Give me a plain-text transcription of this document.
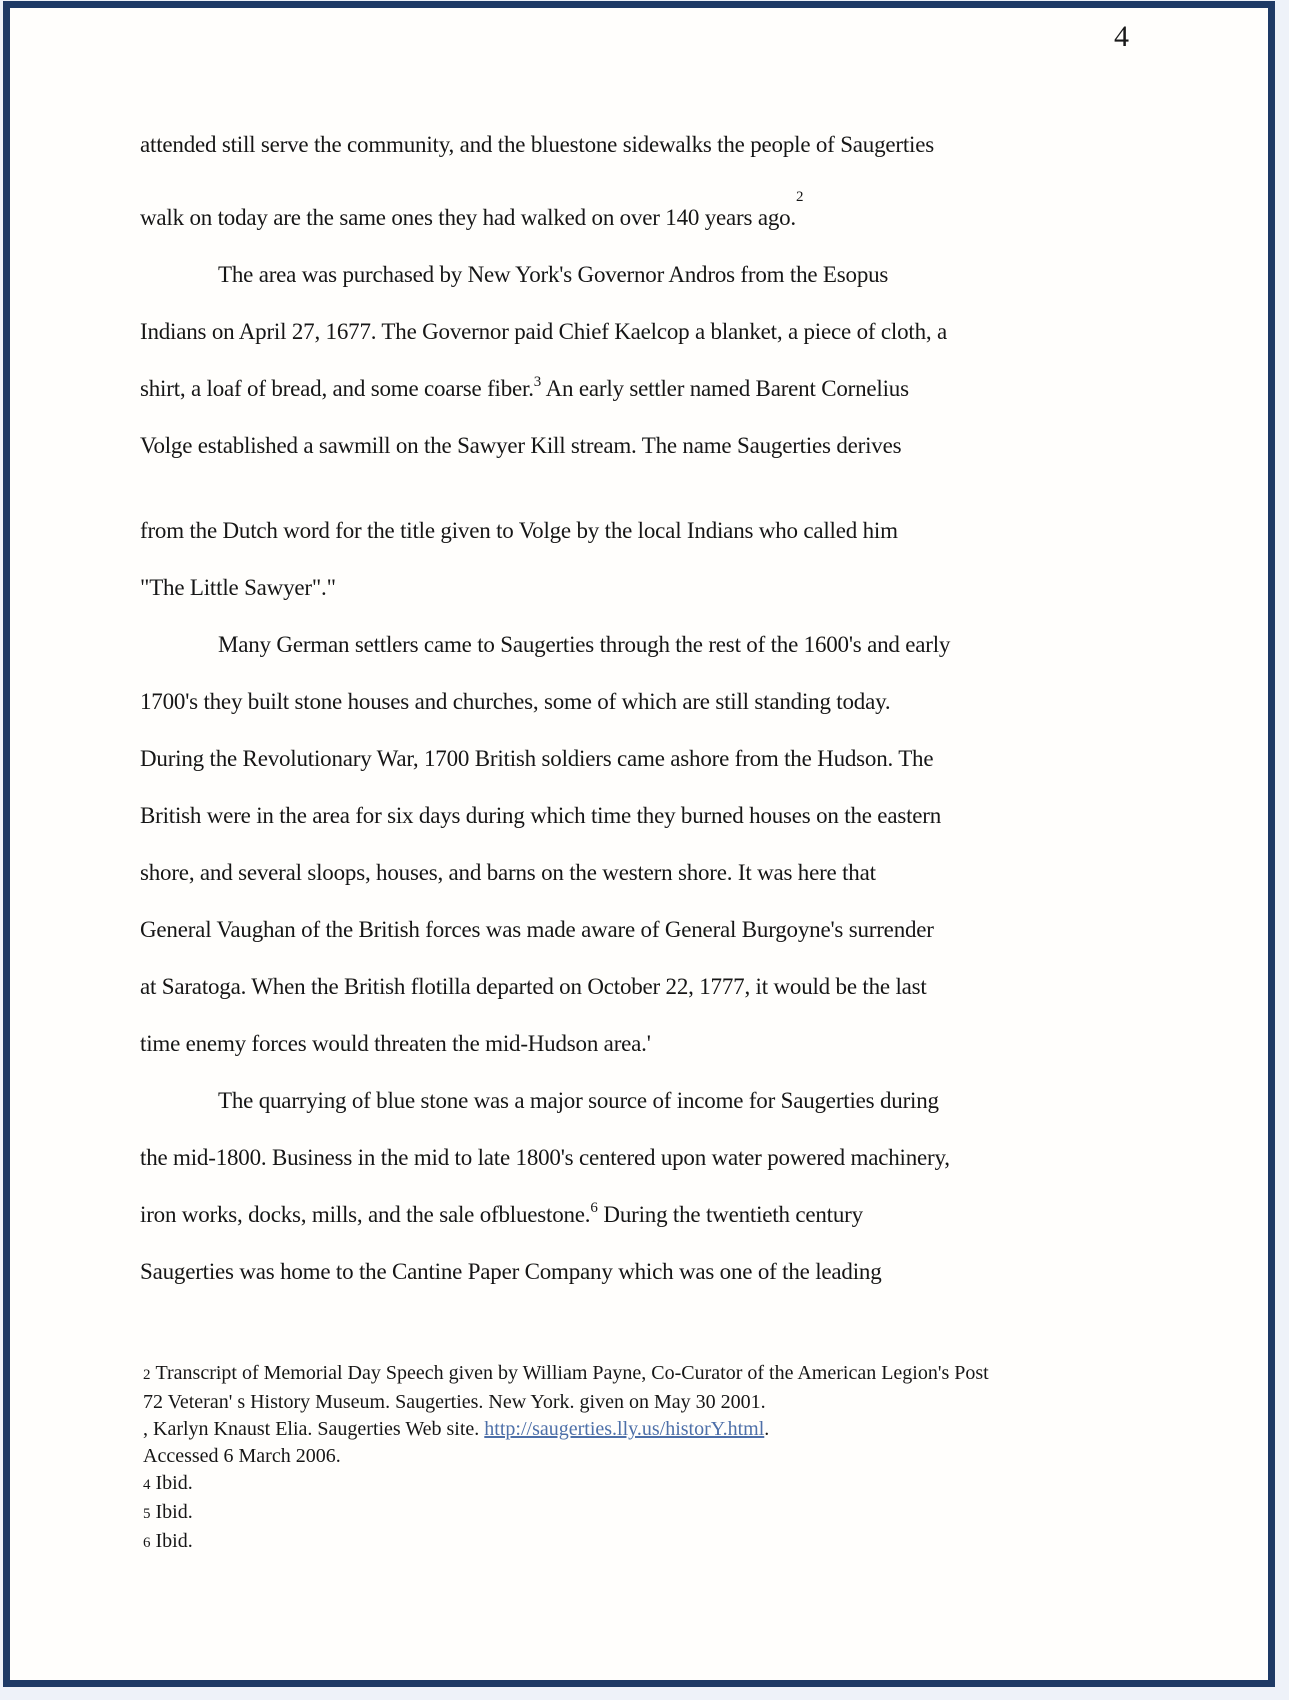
4
attended still serve the community, and the bluestone sidewalks the people of Saugerties
walk on today are the same ones they had walked on over 140 years ago.$^2$
The area was purchased by New York's Governor Andros from the Esopus
Indians on April 27, 1677. The Governor paid Chief Kaelcop a blanket, a piece of cloth, a
shirt, a loaf of bread, and some coarse fiber.$^3$ An early settler named Barent Cornelius
Volge established a sawmill on the Sawyer Kill stream. The name Saugerties derives
from the Dutch word for the title given to Volge by the local Indians who called him
"The Little Sawyer"."
Many German settlers came to Saugerties through the rest of the 1600's and early
1700's they built stone houses and churches, some of which are still standing today.
During the Revolutionary War, 1700 British soldiers came ashore from the Hudson. The
British were in the area for six days during which time they burned houses on the eastern
shore, and several sloops, houses, and barns on the western shore. It was here that
General Vaughan of the British forces was made aware of General Burgoyne's surrender
at Saratoga. When the British flotilla departed on October 22, 1777, it would be the last
time enemy forces would threaten the mid-Hudson area.'
The quarrying of blue stone was a major source of income for Saugerties during
the mid-1800. Business in the mid to late 1800's centered upon water powered machinery,
iron works, docks, mills, and the sale ofbluestone.$^6$ During the twentieth century
Saugerties was home to the Cantine Paper Company which was one of the leading
2 Transcript of Memorial Day Speech given by William Payne, Co-Curator of the American Legion's Post
72 Veteran' s History Museum. Saugerties. New York. given on May 30 2001.
, Karlyn Knaust Elia. Saugerties Web site. http://saugerties.lly.us/historY.html.
Accessed 6 March 2006.
4 Ibid.
5 Ibid.
6 Ibid.
